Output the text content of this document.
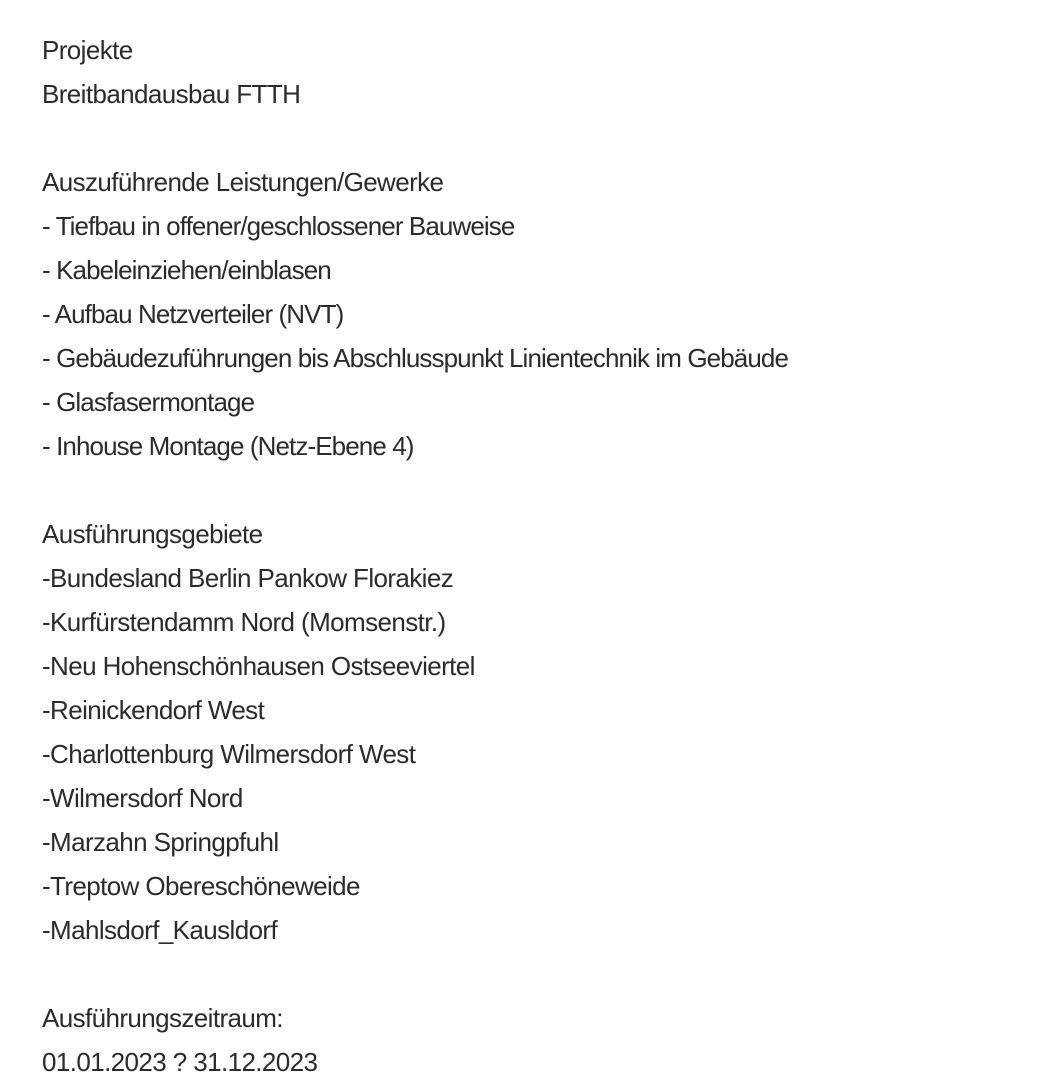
Projekte
Breitbandausbau FTTH
Auszuführende Leistungen/Gewerke
- Tiefbau in offener/geschlossener Bauweise
- Kabeleinziehen/einblasen
- Aufbau Netzverteiler (NVT)
- Gebäudezuführungen bis Abschlusspunkt Linientechnik im Gebäude
- Glasfasermontage
- Inhouse Montage (Netz-Ebene 4)
Ausführungsgebiete
-Bundesland Berlin Pankow Florakiez
-Kurfürstendamm Nord (Momsenstr.)
-Neu Hohenschönhausen Ostseeviertel
-Reinickendorf West
-Charlottenburg Wilmersdorf West
-Wilmersdorf Nord
-Marzahn Springpfuhl
-Treptow Obereschöneweide
-Mahlsdorf_Kausldorf
Ausführungszeitraum:
01.01.2023 ? 31.12.2023
